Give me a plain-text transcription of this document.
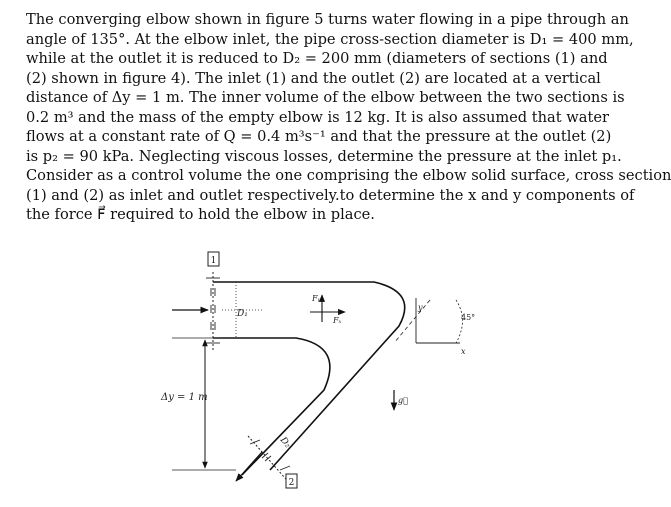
The converging elbow shown in figure 5 turns water flowing in a pipe through an
angle of 135°. At the elbow inlet, the pipe cross-section diameter is D₁ = 400 mm,
while at the outlet it is reduced to D₂ = 200 mm (diameters of sections (1) and
(2) shown in figure 4). The inlet (1) and the outlet (2) are located at a vertical
distance of Δy = 1 m. The inner volume of the elbow between the two sections is
0.2 m³ and the mass of the empty elbow is 12 kg. It is also assumed that water
flows at a constant rate of Q = 0.4 m³s⁻¹ and that the pressure at the outlet (2)
is p₂ = 90 kPa. Neglecting viscous losses, determine the pressure at the inlet p₁.
Consider as a control volume the one comprising the elbow solid surface, cross section
(1) and (2) as inlet and outlet respectively.to determine the x and y components of
the force F⃗ required to hold the elbow in place.
1
D₁
Δy = 1 m
D₂
2
Fᵧ
Fₓ
y
x
45°
g⃗
